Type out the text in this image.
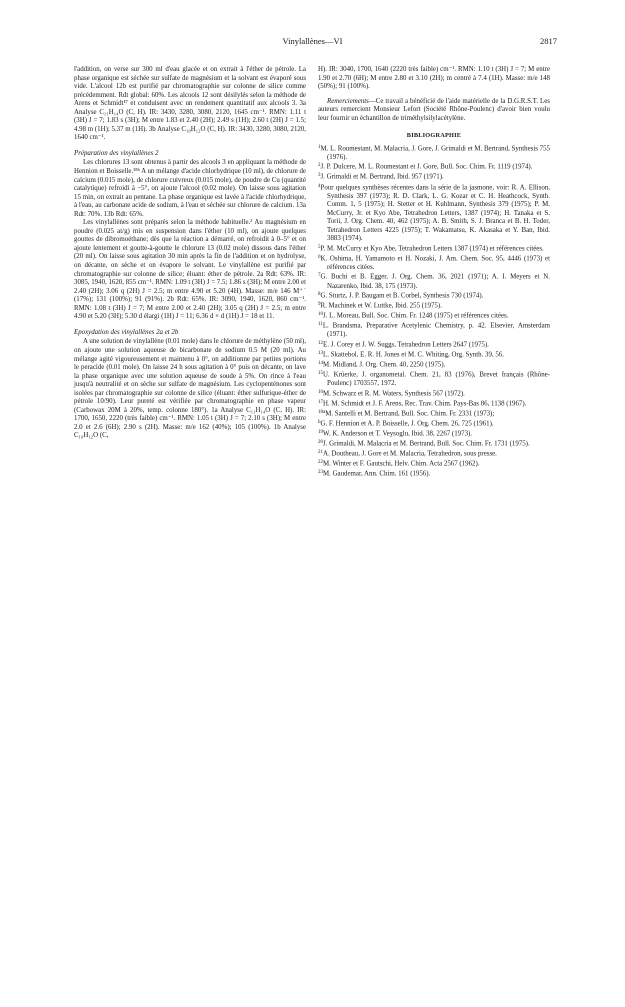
Vinylallènes—VI	2817

l'addition, on verse sur 300 ml d'eau glacée et on extrait à l'éther de pétrole. La phase organique est séchée sur sulfate de magnésium et la solvant est évaporé sous vide. L'alcool 12b est purifié par chromatographie sur colonne de silice comme précédemment. Rdt global: 60%. Les alcools 12 sont désilylés selon la méthode de Arens et Schmidt¹⁷ et conduisent avec un rendement quantitatif aux alcools 3. 3a Analyse C₁₁H₁₄O (C, H). IR: 3430, 3280, 3080, 2120, 1645 cm⁻¹. RMN: 1.11 t (3H) J = 7; 1.83 s (3H); M entre 1.83 et 2.40 (2H); 2.49 s (1H); 2.60 t (2H) J = 1.5; 4.98 m (1H); 5.37 m (1H). 3b Analyse C₁₀H₁₂O (C, H). IR: 3430, 3280, 3080, 2120, 1640 cm⁻¹.

Préparation des vinylallènes 2

Les chlorures 13 sont obtenus à partir des alcools 3 en appliquant la méthode de Hennion et Boisselle.¹⁸ᵇ A un mélange d'acide chlorhydrique (10 ml), de chlorure de calcium (0.015 mole), de chlorure cuivreux (0.015 mole), de poudre de Cu (quantité catalytique) refroidi à −5°, on ajoute l'alcool (0.02 mole). On laisse sous agitation 15 min, on extrait au pentane. La phase organique est lavée à l'acide chlorhydrique, à l'eau, au carbonate acide de sodium, à l'eau et séchée sur chlorure de calcium. 13a Rdt: 70%. 13b Rdt: 65%.

Les vinylallènes sont préparés selon la méthode habituelle.² Au magnésium en poudre (0.025 at/g) mis en suspension dans l'éther (10 ml), on ajoute quelques gouttes de dibromoéthane; dès que la réaction a démarré, on refroidit à 0–5° et on ajoute lentement et goutte-à-goutte le chlorure 13 (0.02 mole) dissous dans l'éther (20 ml). On laisse sous agitation 30 min après la fin de l'addition et on hydrolyse, on décante, on sèche et on évapore le solvant. Le vinylallène est purifié par chromatographie sur colonne de silice; éluant: éther de pétrole. 2a Rdt: 63%. IR: 3085, 1940, 1620, 855 cm⁻¹. RMN: 1.09 t (3H) J = 7.5; 1.86 s (3H); M entre 2.00 et 2.40 (2H); 3.06 q (2H) J = 2.5; m entre 4.90 et 5.20 (4H). Masse: m/e 146 M⁺˙ (17%); 131 (100%); 91 (91%). 2b Rdt: 65%. IR: 3090, 1940, 1620, 860 cm⁻¹. RMN: 1.08 t (3H) J = 7; M entre 2.00 et 2.40 (2H); 3.05 q (2H) J = 2.5; m entre 4.90 et 5.20 (3H); 5.30 d élargi (1H) J = 11; 6.36 d × d (1H) J = 18 et 11.

Epoxydation des vinylallènes 2a et 2b

A une solution de vinylallène (0.01 mole) dans le chlorure de méthylène (50 ml), on ajoute une solution aqueuse de bicarbonate de sodium 0.5 M (20 ml). Au mélange agité vigoureusement et maintenu à 0°, on additionne par petites portions le peracide (0.01 mole). On laisse 24 h sous agitation à 0° puis on décante, on lave la phase organique avec une solution aqueuse de soude à 5%. On rince à l'eau jusqu'à neutralité et on sèche sur sulfate de magnésium. Les cyclopenténones sont isolées par chromatographie sur colonne de silice (éluant: éther sulfurique-éther de pétrole 10/90). Leur pureté est vérifiée par chromatographie en phase vapeur (Carbowax 20M à 20%, temp. colonne 180°). 1a Analyse C₁₁H₁₄O (C, H). IR: 1700, 1650, 2220 (très faible) cm⁻¹. RMN: 1.05 t (3H) J = 7; 2.10 s (3H); M entre 2.0 et 2.6 (6H); 2.90 s (2H). Masse: m/e 162 (40%); 105 (100%). 1b Analyse C₁₀H₁₂O (C,

H). IR: 3040, 1700, 1640 (2220 très faible) cm⁻¹. RMN: 1.10 t (3H) J = 7; M entre 1.90 et 2.70 (6H); M entre 2.80 et 3.10 (2H); m centré à 7.4 (1H). Masse: m/e 148 (50%); 91 (100%).

Remerciements—Ce travail a bénéficié de l'aide matérielle de la D.G.R.S.T. Les auteurs remercient Monsieur Lefort (Société Rhône-Poulenc) d'avoir bien voulu leur fournir un échantillon de triméthylsilylacétylène.

BIBLIOGRAPHIE
$^1$M. L. Roumestant, M. Malacria, J. Gore, J. Grimaldi et M. Bertrand, Synthesis 755 (1976).
$^2$J. P. Dulcere, M. L. Roumestant et J. Gore, Bull. Soc. Chim. Fr. 1119 (1974).
$^3$J. Grimaldi et M. Bertrand, Ibid. 957 (1971).
$^4$Pour quelques synthèses récentes dans la série de la jasmone, voir: R. A. Ellison, Synthesis 397 (1973); R. D. Clark, L. G. Kozar et C. H. Heathcock, Synth. Comm. 1, 5 (1975); H. Stetter et H. Kuhlmann, Synthesis 379 (1975); P. M. McCurry, Jr. et Kyo Abe, Tetrahedron Letters, 1387 (1974); H. Tanaka et S. Torii, J. Org. Chem. 40, 462 (1975); A. B. Smith, S. J. Branca et B. H. Toder, Tetrahedron Letters 4225 (1975); T. Wakamatsu, K. Akasaka et Y. Ban, Ibid. 3883 (1974).
$^5$P. M. McCurry et Kyo Abe, Tetrahedron Letters 1387 (1974) et références citées.
$^6$K. Oshima, H. Yamamoto et H. Nozaki, J. Am. Chem. Soc. 95, 4446 (1973) et références citées.
$^7$G. Buchi et B. Egger, J. Org. Chem. 36, 2021 (1971); A. I. Meyers et N. Nazarenko, Ibid. 38, 175 (1973).
$^8$G. Sturtz, J. P. Baugam et B. Corbel, Synthesis 730 (1974).
$^9$R. Machinek et W. Luttke, Ibid. 255 (1975).
$^{10}$J. L. Moreau, Bull. Soc. Chim. Fr. 1248 (1975) et références citées.
$^{11}$L. Brandsma, Preparative Acetylenic Chemistry, p. 42. Elsevier, Amsterdam (1971).
$^{12}$E. J. Corey et J. W. Suggs, Tetrahedron Letters 2647 (1975).
$^{13}$L. Skattebol, E. R. H. Jones et M. C. Whiting, Org. Synth. 39, 56.
$^{14}$M. Midland, J. Org. Chem. 40, 2250 (1975).
$^{15}$U. Krüerke, J. organometal. Chem. 21, 83 (1976), Brevet français (Rhône-Poulenc) 1703557, 1972.
$^{16}$M. Schwarz et R. M. Waters, Synthesis 567 (1972).
$^{17}$H. M. Schmidt et J. F. Arens, Rec. Trav. Chim. Pays-Bas 86, 1138 (1967).
$^{18a}$M. Santelli et M. Bertrand, Bull. Soc. Chim. Fr. 2331 (1973);
$^b$G. F. Hennion et A. P. Boisselle, J. Org. Chem. 26, 725 (1961).
$^{19}$W. K. Anderson et T. Veysoglu, Ibid. 38, 2267 (1973).
$^{20}$J. Grimaldi, M. Malacria et M. Bertrand, Bull. Soc. Chim. Fr. 1731 (1975).
$^{21}$A. Doutheau, J. Gore et M. Malacria, Tetrahedron, sous presse.
$^{22}$M. Winter et F. Gautschi, Helv. Chim. Acta 2567 (1962).
$^{23}$M. Gaudemar, Ann. Chim. 161 (1956).
